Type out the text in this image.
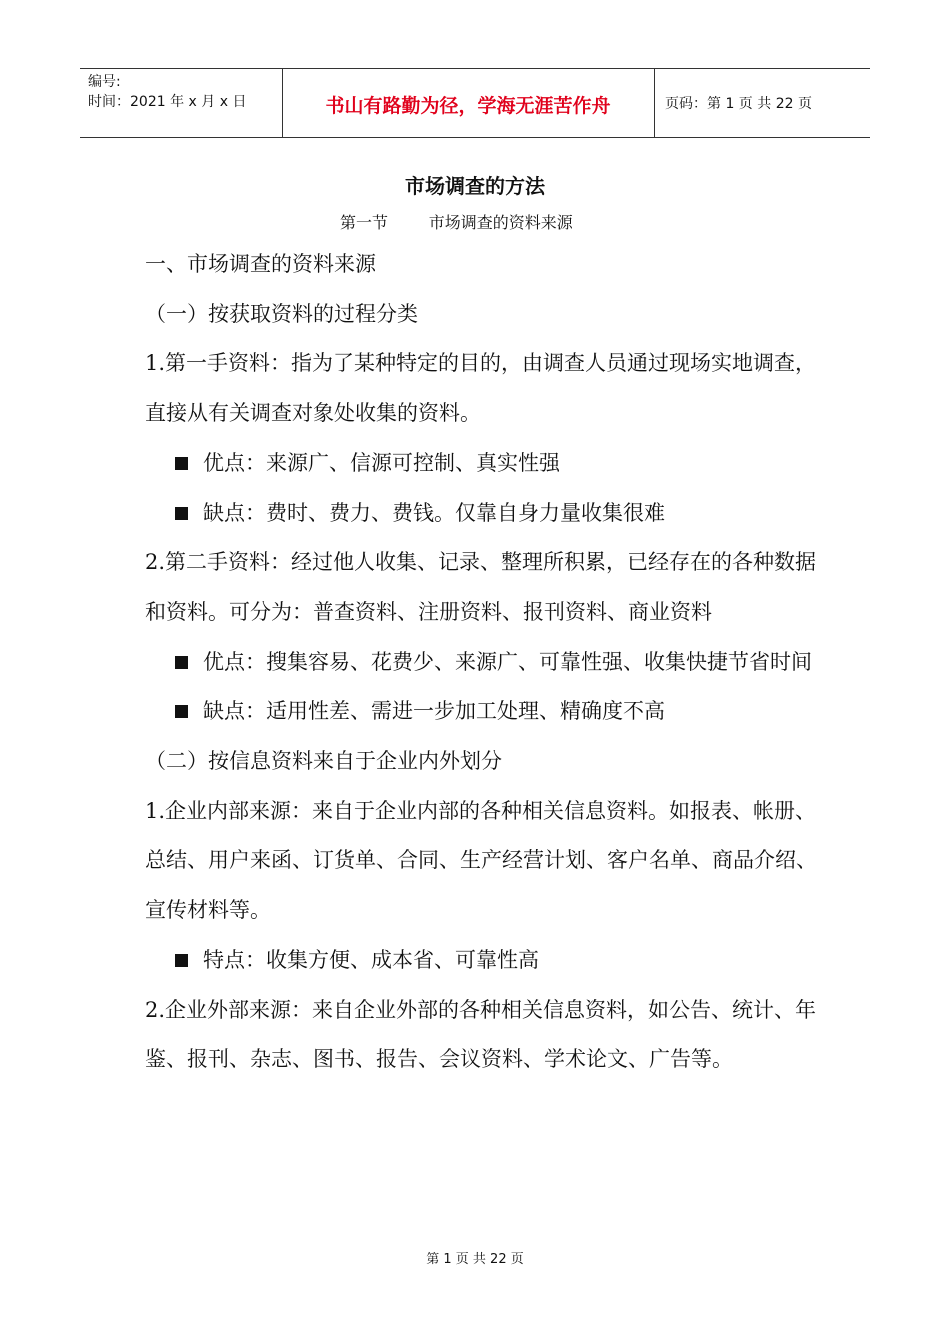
编号:
时间：2021 年 x 月 x 日	书山有路勤为径，学海无涯苦作舟	页码：第 1 页 共 22 页
市场调查的方法
第一节        市场调查的资料来源

一、市场调查的资料来源

（一）按获取资料的过程分类

1.第一手资料：指为了某种特定的目的，由调查人员通过现场实地调查，直接从有关调查对象处收集的资料。

优点：来源广、信源可控制、真实性强

缺点：费时、费力、费钱。仅靠自身力量收集很难

2.第二手资料：经过他人收集、记录、整理所积累，已经存在的各种数据和资料。可分为：普查资料、注册资料、报刊资料、商业资料

优点：搜集容易、花费少、来源广、可靠性强、收集快捷节省时间

缺点：适用性差、需进一步加工处理、精确度不高

（二）按信息资料来自于企业内外划分

1.企业内部来源：来自于企业内部的各种相关信息资料。如报表、帐册、总结、用户来函、订货单、合同、生产经营计划、客户名单、商品介绍、宣传材料等。

特点：收集方便、成本省、可靠性高

2.企业外部来源：来自企业外部的各种相关信息资料，如公告、统计、年鉴、报刊、杂志、图书、报告、会议资料、学术论文、广告等。

第 1 页 共 22 页
